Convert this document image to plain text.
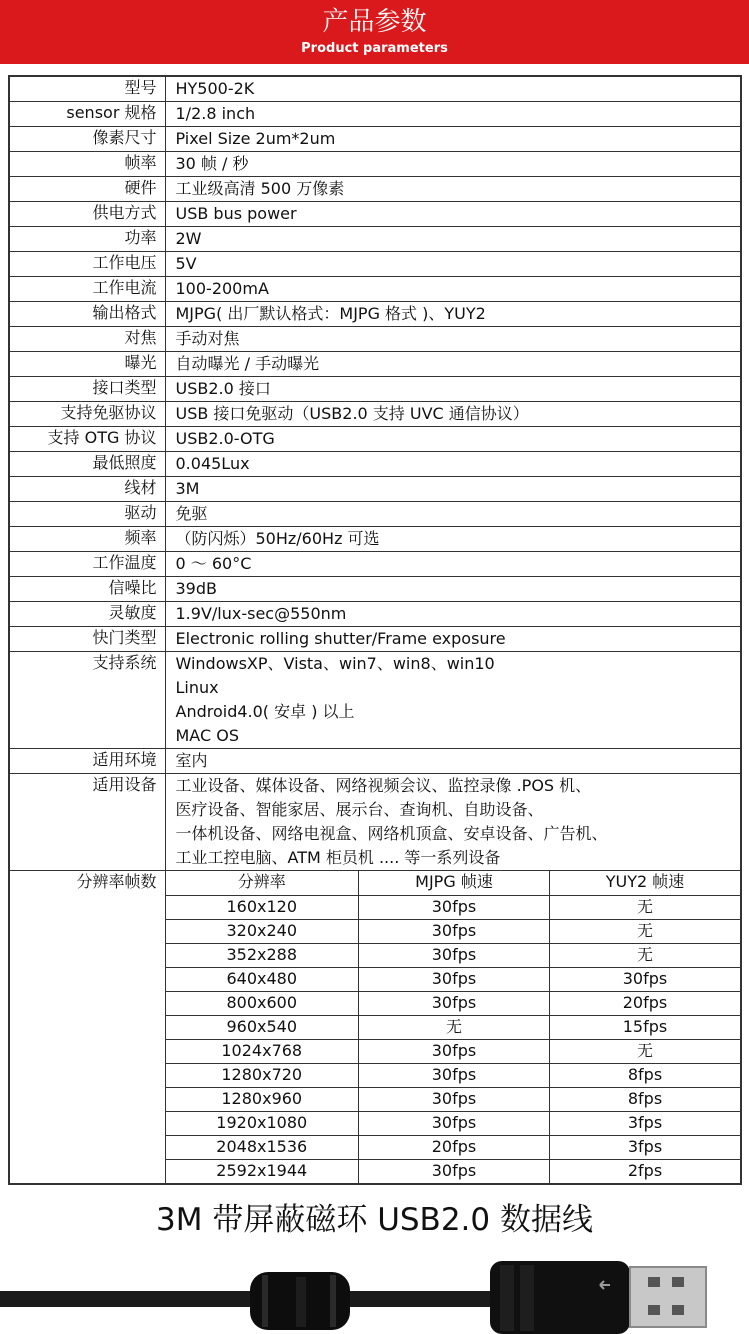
产品参数
Product parameters
型号	HY500-2K

sensor 规格	1/2.8 inch

像素尺寸	Pixel Size 2um*2um

帧率	30 帧 / 秒

硬件	工业级高清 500 万像素

供电方式	USB bus power

功率	2W

工作电压	5V

工作电流	100-200mA

输出格式	MJPG( 出厂默认格式：MJPG 格式 )、YUY2

对焦	手动对焦

曝光	自动曝光 / 手动曝光

接口类型	USB2.0 接口

支持免驱协议	USB 接口免驱动（USB2.0 支持 UVC 通信协议）

支持 OTG 协议	USB2.0-OTG

最低照度	0.045Lux

线材	3M

驱动	免驱

频率	（防闪烁）50Hz/60Hz 可选

工作温度	0 ～ 60°C

信噪比	39dB

灵敏度	1.9V/lux-sec@550nm

快门类型	Electronic rolling shutter/Frame exposure

支持系统	WindowsXP、Vista、win7、win8、win10
Linux
Android4.0( 安卓 ) 以上
MAC OS

适用环境	室内

适用设备	工业设备、媒体设备、网络视频会议、监控录像 .POS 机、
医疗设备、智能家居、展示台、查询机、自助设备、
一体机设备、网络电视盒、网络机顶盒、安卓设备、广告机、
工业工控电脑、ATM 柜员机 .... 等一系列设备

分辨率帧数		分辨率	MJPG 帧速	YUY2 帧速
160x120	30fps	无
320x240	30fps	无
352x288	30fps	无
640x480	30fps	30fps
800x600	30fps	20fps
960x540	无	15fps
1024x768	30fps	无
1280x720	30fps	8fps
1280x960	30fps	8fps
1920x1080	30fps	3fps
2048x1536	20fps	3fps
2592x1944	30fps	2fps
3M 带屏蔽磁环 USB2.0 数据线
